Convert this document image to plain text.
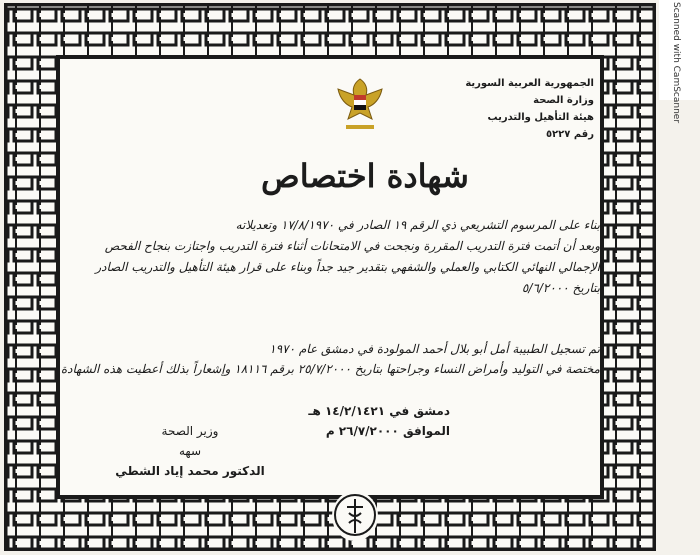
الجمهورية العربية السورية
وزارة الصحة
هيئة التأهيل والتدريب
رقم ٥٢٢٧
شهادة اختصاص
بناء على المرسوم التشريعي ذي الرقم ١٩ الصادر في ١٧/٨/١٩٧٠ وتعديلاته
وبعد أن أتمت فترة التدريب المقررة ونجحت في الامتحانات أثناء فترة التدريب واجتازت بنجاح الفحص
الإجمالي النهائي الكتابي والعملي والشفهي بتقدير جيد جداً وبناء على قرار هيئة التأهيل والتدريب الصادر
بتاريخ ٥/٦/٢٠٠٠
تم تسجيل الطبيبة أمل أبو بلال أحمد المولودة في دمشق عام ١٩٧٠
مختصة في التوليد وأمراض النساء وجراحتها بتاريخ ٢٥/٧/٢٠٠٠ برقم ١٨١١٦ وإشعاراً بذلك أعطيت هذه الشهادة
دمشق في ١٤/٢/١٤٢١ هـ
الموافق ٢٦/٧/٢٠٠٠ م
وزير الصحة
سهه
الدكتور محمد إياد الشطي
Scanned with CamScanner
